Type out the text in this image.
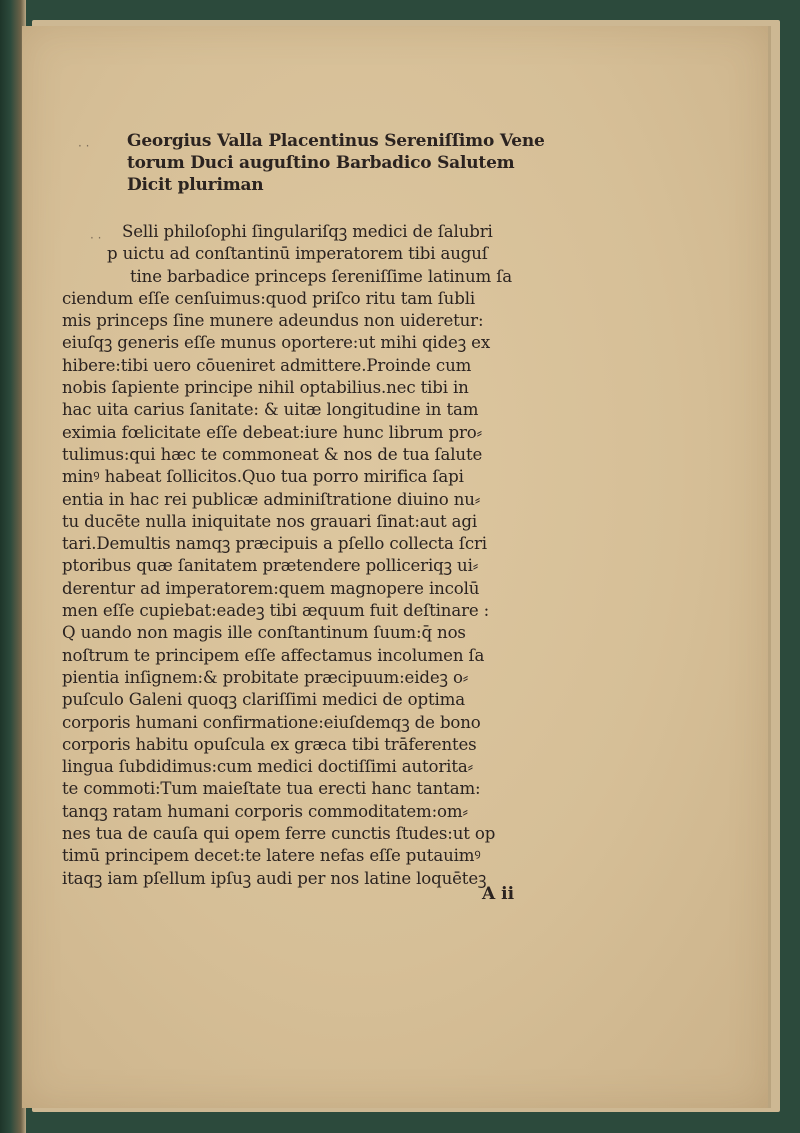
· ·
· ·
Georgius Valla Placentinus Sereniſſimo Vene
torum Duci auguſtino Barbadico Salutem
Dicit pluriman
Selli philoſophi ſingulariſqꝫ medici de ſalubri
p uictu ad conſtantinū imperatorem tibi auguſ
tine barbadice princeps ſereniſſime latinum ſa
ciendum eſſe cenſuimus:quod priſco ritu tam ſubli
mis princeps ſine munere adeundus non uideretur:
eiuſqꝫ generis eſſe munus oportere:ut mihi qideꝫ ex
hibere:tibi uero cōueniret admittere.Proinde cum
nobis ſapiente principe nihil optabilius.nec tibi in
hac uita carius ſanitate: & uitæ longitudine in tam
eximia fœlicitate eſſe debeat:iure hunc librum pro⸗
tulimus:qui hæc te commoneat & nos de tua ſalute
minꝰ habeat ſollicitos.Quo tua porro mirifica ſapi
entia in hac rei publicæ adminiſtratione diuino nu⸗
tu ducēte nulla iniquitate nos grauari ſinat:aut agi
tari.Demultis namqꝫ præcipuis a pſello collecta ſcri
ptoribus quæ ſanitatem prætendere polliceriqꝫ ui⸗
derentur ad imperatorem:quem magnopere incolū
men eſſe cupiebat:eadeꝫ tibi æquum fuit deſtinare :
Q uando non magis ille conſtantinum ſuum:q̄ nos
noſtrum te principem eſſe affectamus incolumen ſa
pientia inſignem:& probitate præcipuum:eideꝫ o⸗
puſculo Galeni quoqꝫ clariſſimi medici de optima
corporis humani confirmatione:eiuſdemqꝫ de bono
corporis habitu opuſcula ex græca tibi trāferentes
lingua ſubdidimus:cum medici doctiſſimi autorita⸗
te commoti:Tum maieſtate tua erecti hanc tantam:
tanqꝫ ratam humani corporis commoditatem:om⸗
nes tua de cauſa qui opem ferre cunctis ſtudes:ut op
timū principem decet:te latere nefas eſſe putauimꝰ
itaqꝫ iam pſellum ipſuꝫ audi per nos latine loquēteꝫ
A ii
